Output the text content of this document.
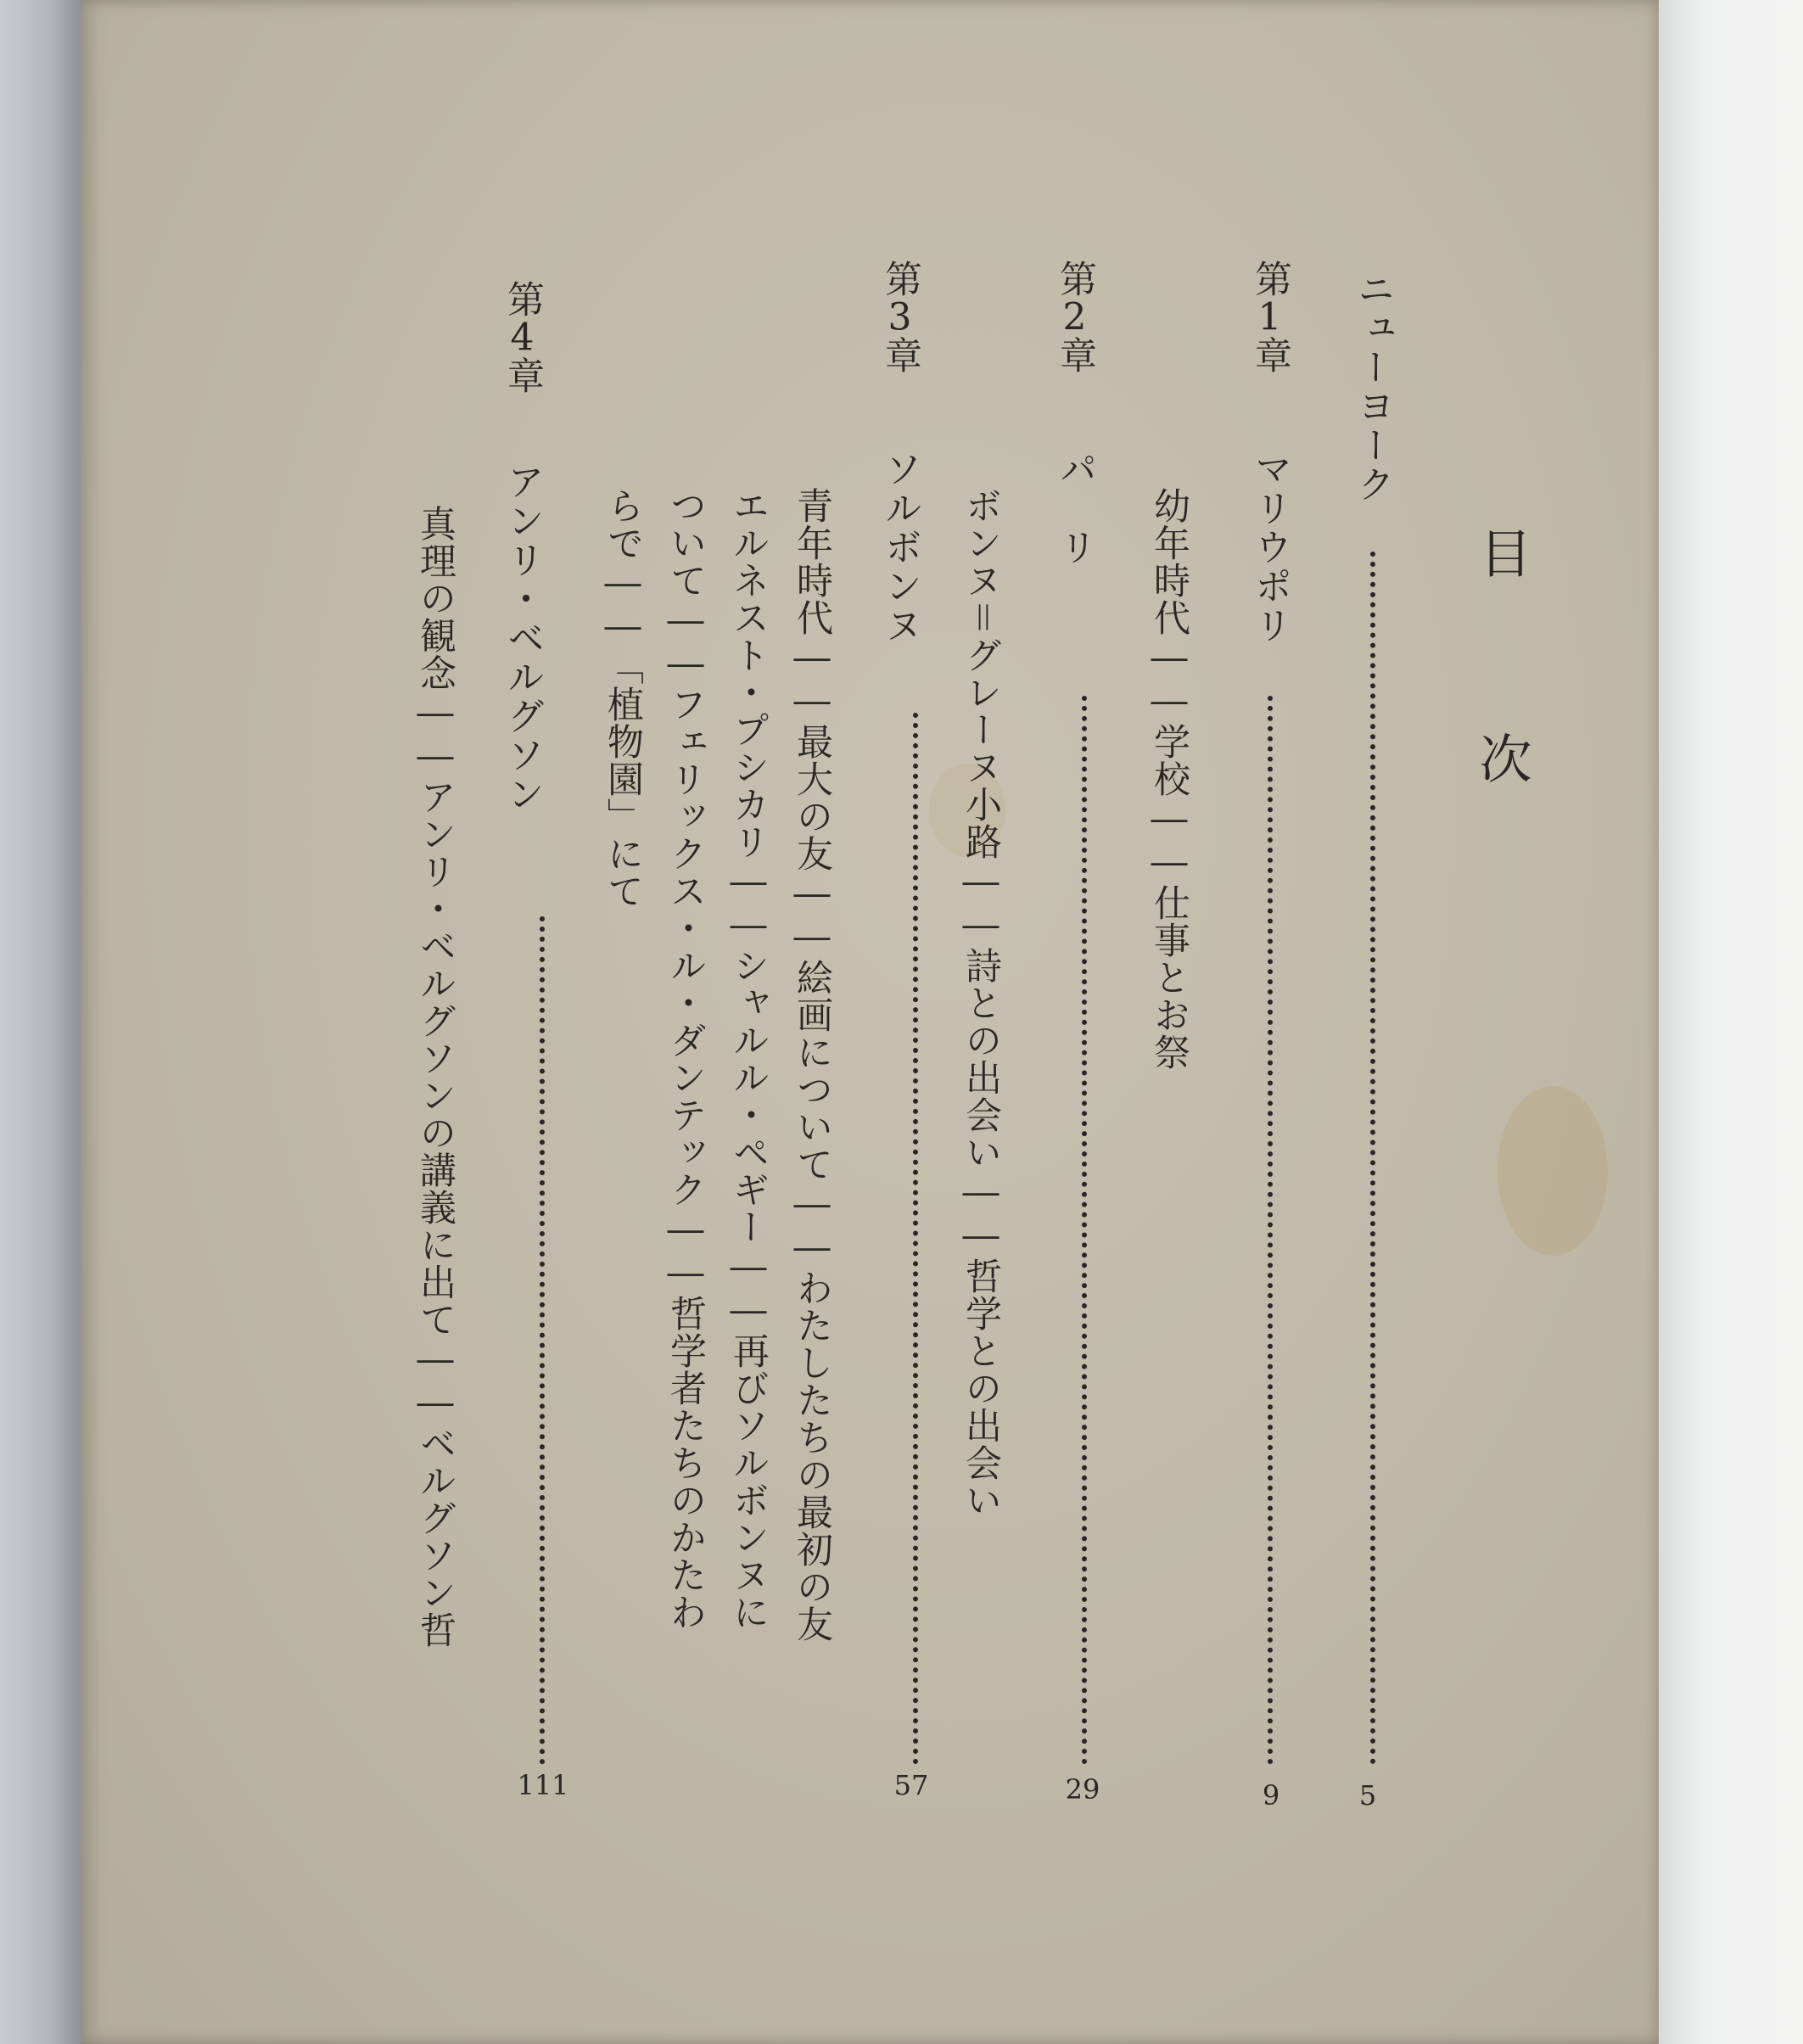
目次
ニューヨーク
5
第1章
マリウポリ
9
幼年時代――学校――仕事とお祭
第2章
パ　リ
29
ボンヌ＝グレーヌ小路――詩との出会い――哲学との出会い
第3章
ソルボンヌ
57
青年時代――最大の友――絵画について――わたしたちの最初の友
エルネスト・プシカリ――シャルル・ペギー――再びソルボンヌに
ついて――フェリックス・ル・ダンテック――哲学者たちのかたわ
らで――「植物園」にて
第4章
アンリ・ベルグソン
111
真理の観念――アンリ・ベルグソンの講義に出て――ベルグソン哲
